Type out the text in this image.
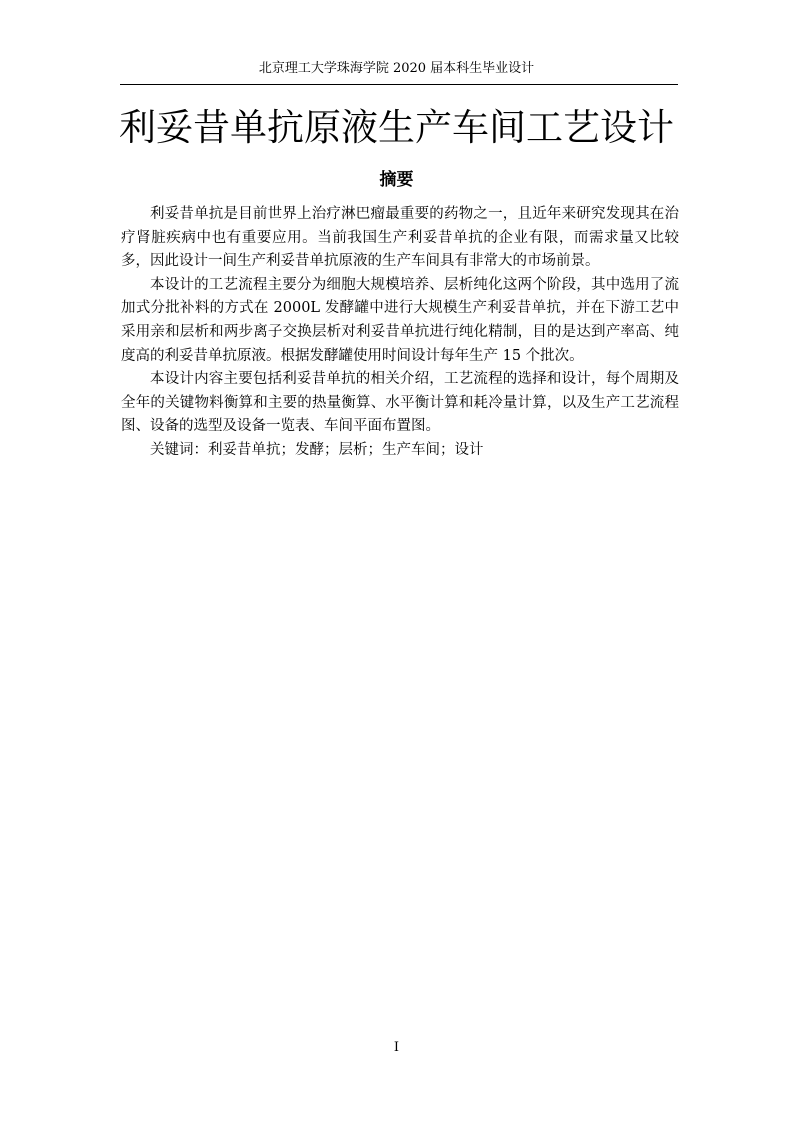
北京理工大学珠海学院 2020 届本科生毕业设计
利妥昔单抗原液生产车间工艺设计
摘要

利妥昔单抗是目前世界上治疗淋巴瘤最重要的药物之一，且近年来研究发现其在治疗肾脏疾病中也有重要应用。当前我国生产利妥昔单抗的企业有限，而需求量又比较多，因此设计一间生产利妥昔单抗原液的生产车间具有非常大的市场前景。

本设计的工艺流程主要分为细胞大规模培养、层析纯化这两个阶段，其中选用了流加式分批补料的方式在 2000L 发酵罐中进行大规模生产利妥昔单抗，并在下游工艺中采用亲和层析和两步离子交换层析对利妥昔单抗进行纯化精制，目的是达到产率高、纯度高的利妥昔单抗原液。根据发酵罐使用时间设计每年生产 15 个批次。

本设计内容主要包括利妥昔单抗的相关介绍，工艺流程的选择和设计，每个周期及全年的关键物料衡算和主要的热量衡算、水平衡计算和耗冷量计算，以及生产工艺流程图、设备的选型及设备一览表、车间平面布置图。

关键词：利妥昔单抗；发酵；层析；生产车间；设计

I
